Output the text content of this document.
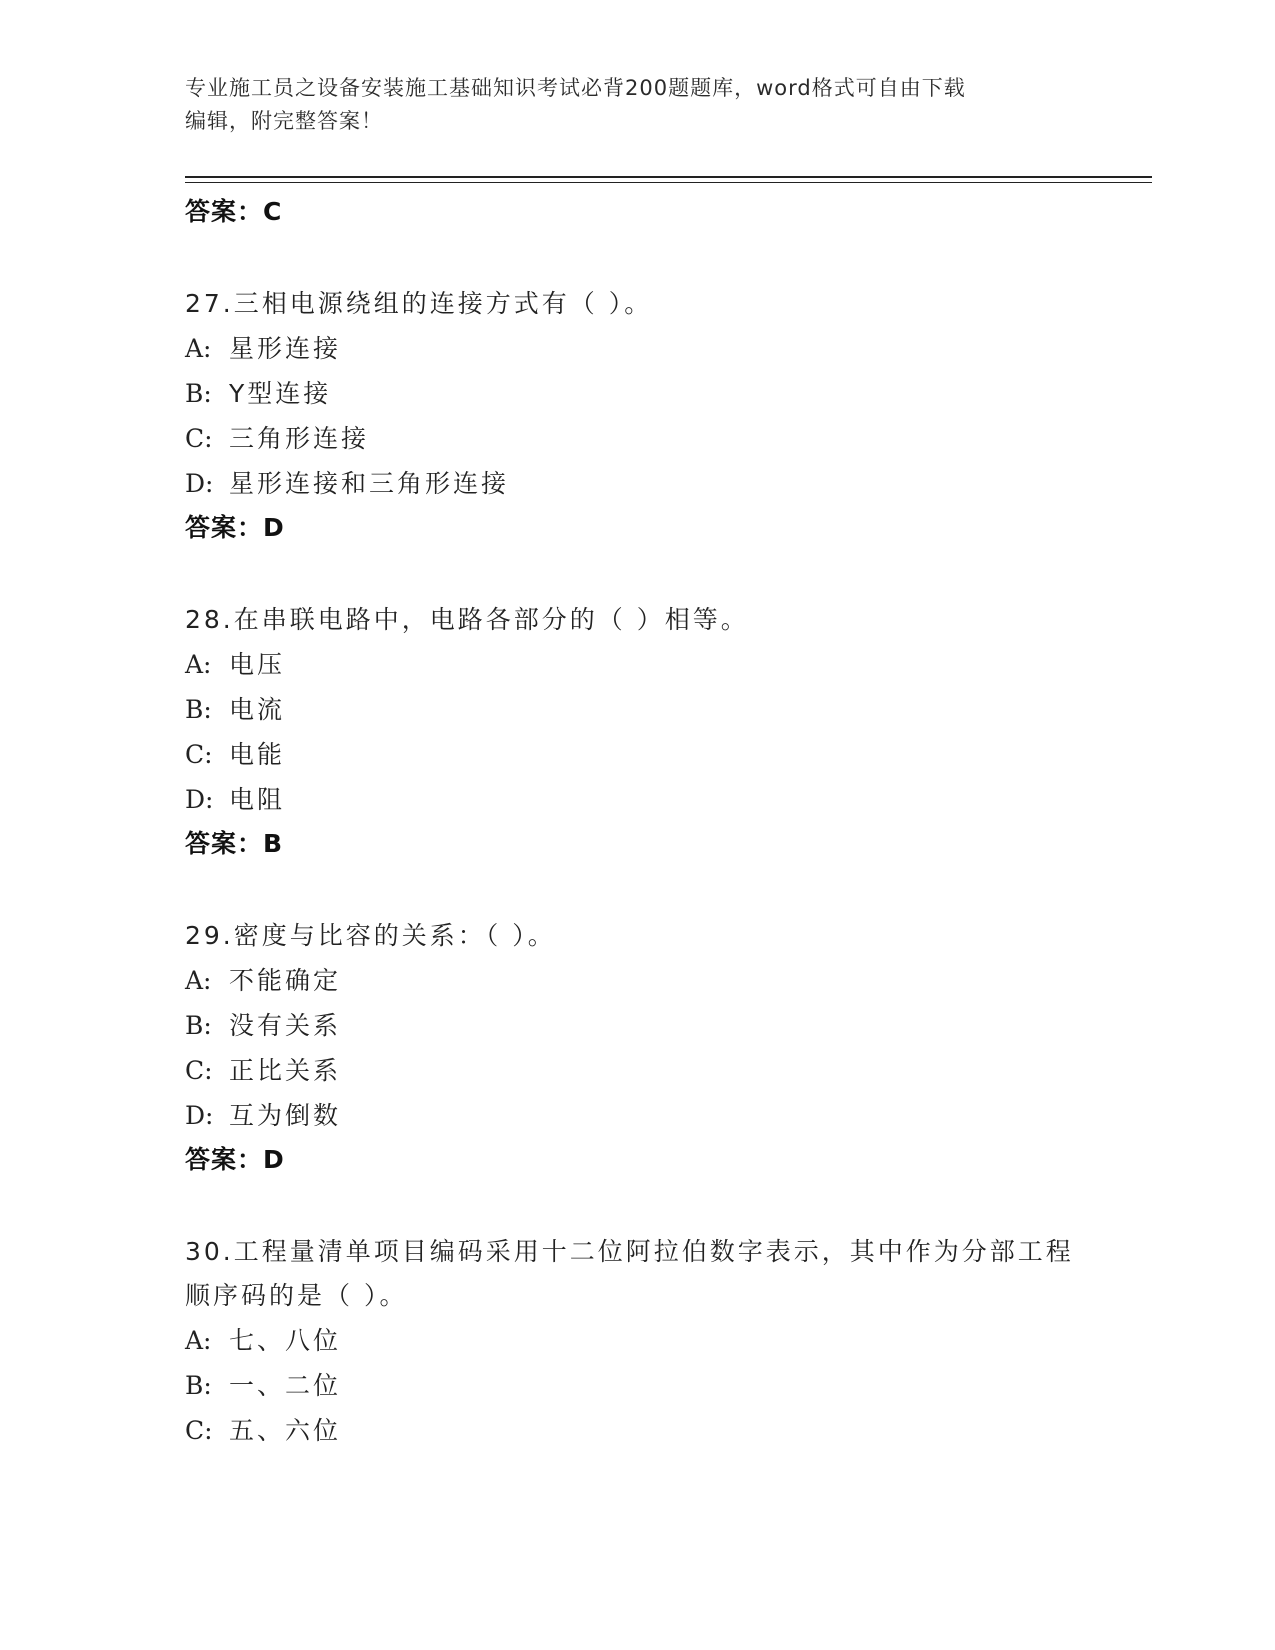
专业施工员之设备安装施工基础知识考试必背200题题库，word格式可自由下载
编辑，附完整答案！
答案：C
27.三相电源绕组的连接方式有（ ）。
A: 星形连接
B: Y型连接
C: 三角形连接
D: 星形连接和三角形连接
答案：D
28.在串联电路中，电路各部分的（ ）相等。
A: 电压
B: 电流
C: 电能
D: 电阻
答案：B
29.密度与比容的关系：（ ）。
A: 不能确定
B: 没有关系
C: 正比关系
D: 互为倒数
答案：D
30.工程量清单项目编码采用十二位阿拉伯数字表示，其中作为分部工程顺序码的是（ ）。
A: 七、八位
B: 一、二位
C: 五、六位
